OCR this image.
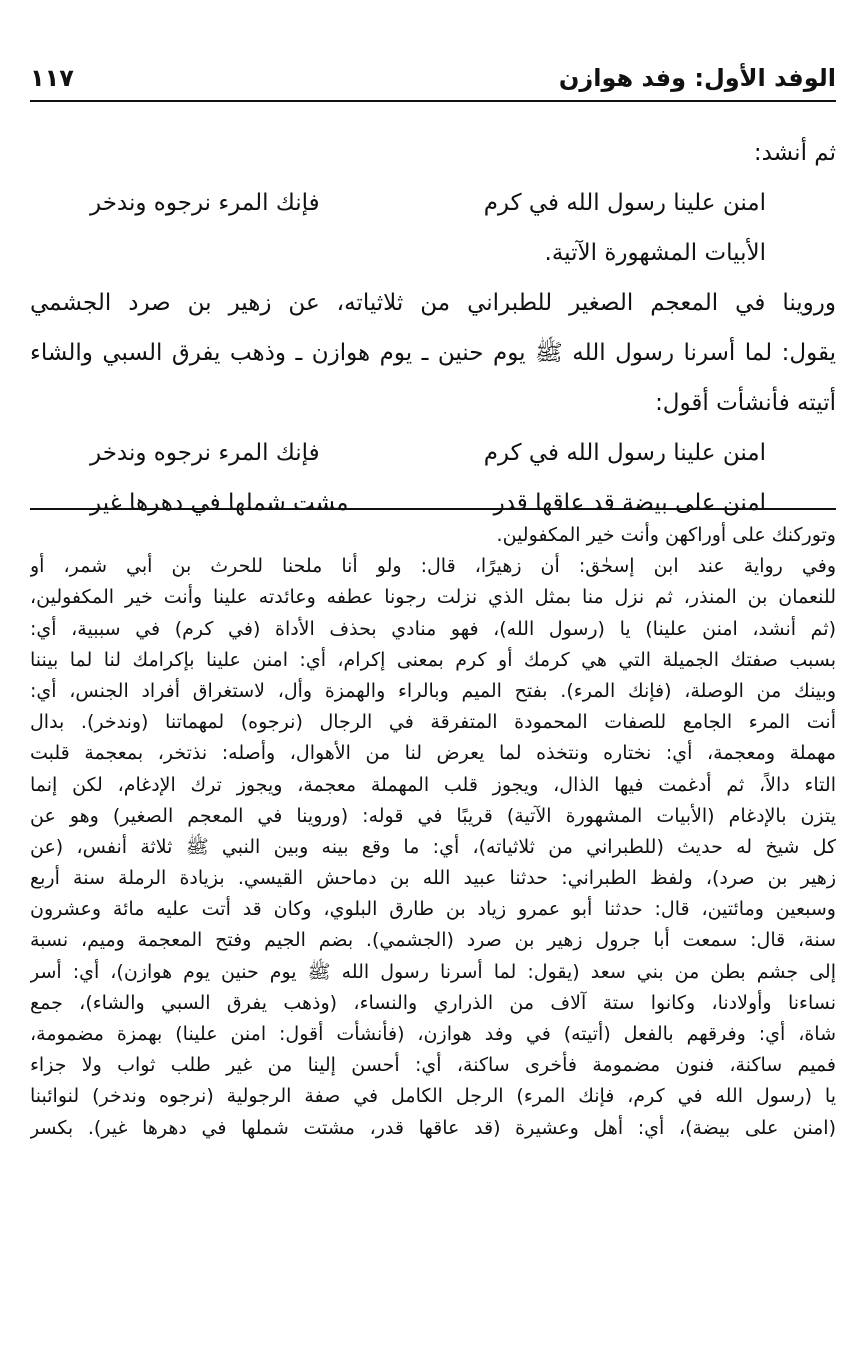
الوفد الأول: وفد هوازن
١١٧
ثم أنشد:
امنن علينا رسول الله في كرم
فإنك المرء نرجوه وندخر
الأبيات المشهورة الآتية.
وروينا في المعجم الصغير للطبراني من ثلاثياته، عن زهير بن صرد الجشمي
يقول: لما أسرنا رسول الله ﷺ يوم حنين ـ يوم هوازن ـ وذهب يفرق السبي والشاء
أتيته فأنشأت أقول:
امنن علينا رسول الله في كرم
فإنك المرء نرجوه وندخر
امنن على بيضة قد عاقها قدر
مشت شملها في دهرها غير
وتوركنك على أوراكهن وأنت خير المكفولين.
وفي رواية عند ابن إسحٰق: أن زهيرًا، قال: ولو أنا ملحنا للحرث بن أبي شمر، أو
للنعمان بن المنذر، ثم نزل منا بمثل الذي نزلت رجونا عطفه وعائدته علينا وأنت خير المكفولين،
(ثم أنشد، امنن علينا) يا (رسول الله)، فهو منادي بحذف الأداة (في كرم) في سببية، أي:
بسبب صفتك الجميلة التي هي كرمك أو كرم بمعنى إكرام، أي: امنن علينا بإكرامك لنا لما بيننا
وبينك من الوصلة، (فإنك المرء). بفتح الميم وبالراء والهمزة وأل، لاستغراق أفراد الجنس، أي:
أنت المرء الجامع للصفات المحمودة المتفرقة في الرجال (نرجوه) لمهماتنا (وندخر). بدال
مهملة ومعجمة، أي: نختاره ونتخذه لما يعرض لنا من الأهوال، وأصله: نذتخر، بمعجمة قلبت
التاء دالاً، ثم أدغمت فيها الذال، ويجوز قلب المهملة معجمة، ويجوز ترك الإدغام، لكن إنما
يتزن بالإدغام (الأبيات المشهورة الآتية) قريبًا في قوله: (وروينا في المعجم الصغير) وهو عن
كل شيخ له حديث (للطبراني من ثلاثياته)، أي: ما وقع بينه وبين النبي ﷺ ثلاثة أنفس، (عن
زهير بن صرد)، ولفظ الطبراني: حدثنا عبيد الله بن دماحش القيسي. بزيادة الرملة سنة أربع
وسبعين ومائتين، قال: حدثنا أبو عمرو زياد بن طارق البلوي، وكان قد أتت عليه مائة وعشرون
سنة، قال: سمعت أبا جرول زهير بن صرد (الجشمي). بضم الجيم وفتح المعجمة وميم، نسبة
إلى جشم بطن من بني سعد (يقول: لما أسرنا رسول الله ﷺ يوم حنين يوم هوازن)، أي: أسر
نساءنا وأولادنا، وكانوا ستة آلاف من الذراري والنساء، (وذهب يفرق السبي والشاء)، جمع
شاة، أي: وفرقهم بالفعل (أتيته) في وفد هوازن، (فأنشأت أقول: امنن علينا) بهمزة مضمومة،
فميم ساكنة، فنون مضمومة فأخرى ساكنة، أي: أحسن إلينا من غير طلب ثواب ولا جزاء
يا (رسول الله في كرم، فإنك المرء) الرجل الكامل في صفة الرجولية (نرجوه وندخر) لنوائبنا
(امنن على بيضة)، أي: أهل وعشيرة (قد عاقها قدر، مشتت شملها في دهرها غير). بكسر
